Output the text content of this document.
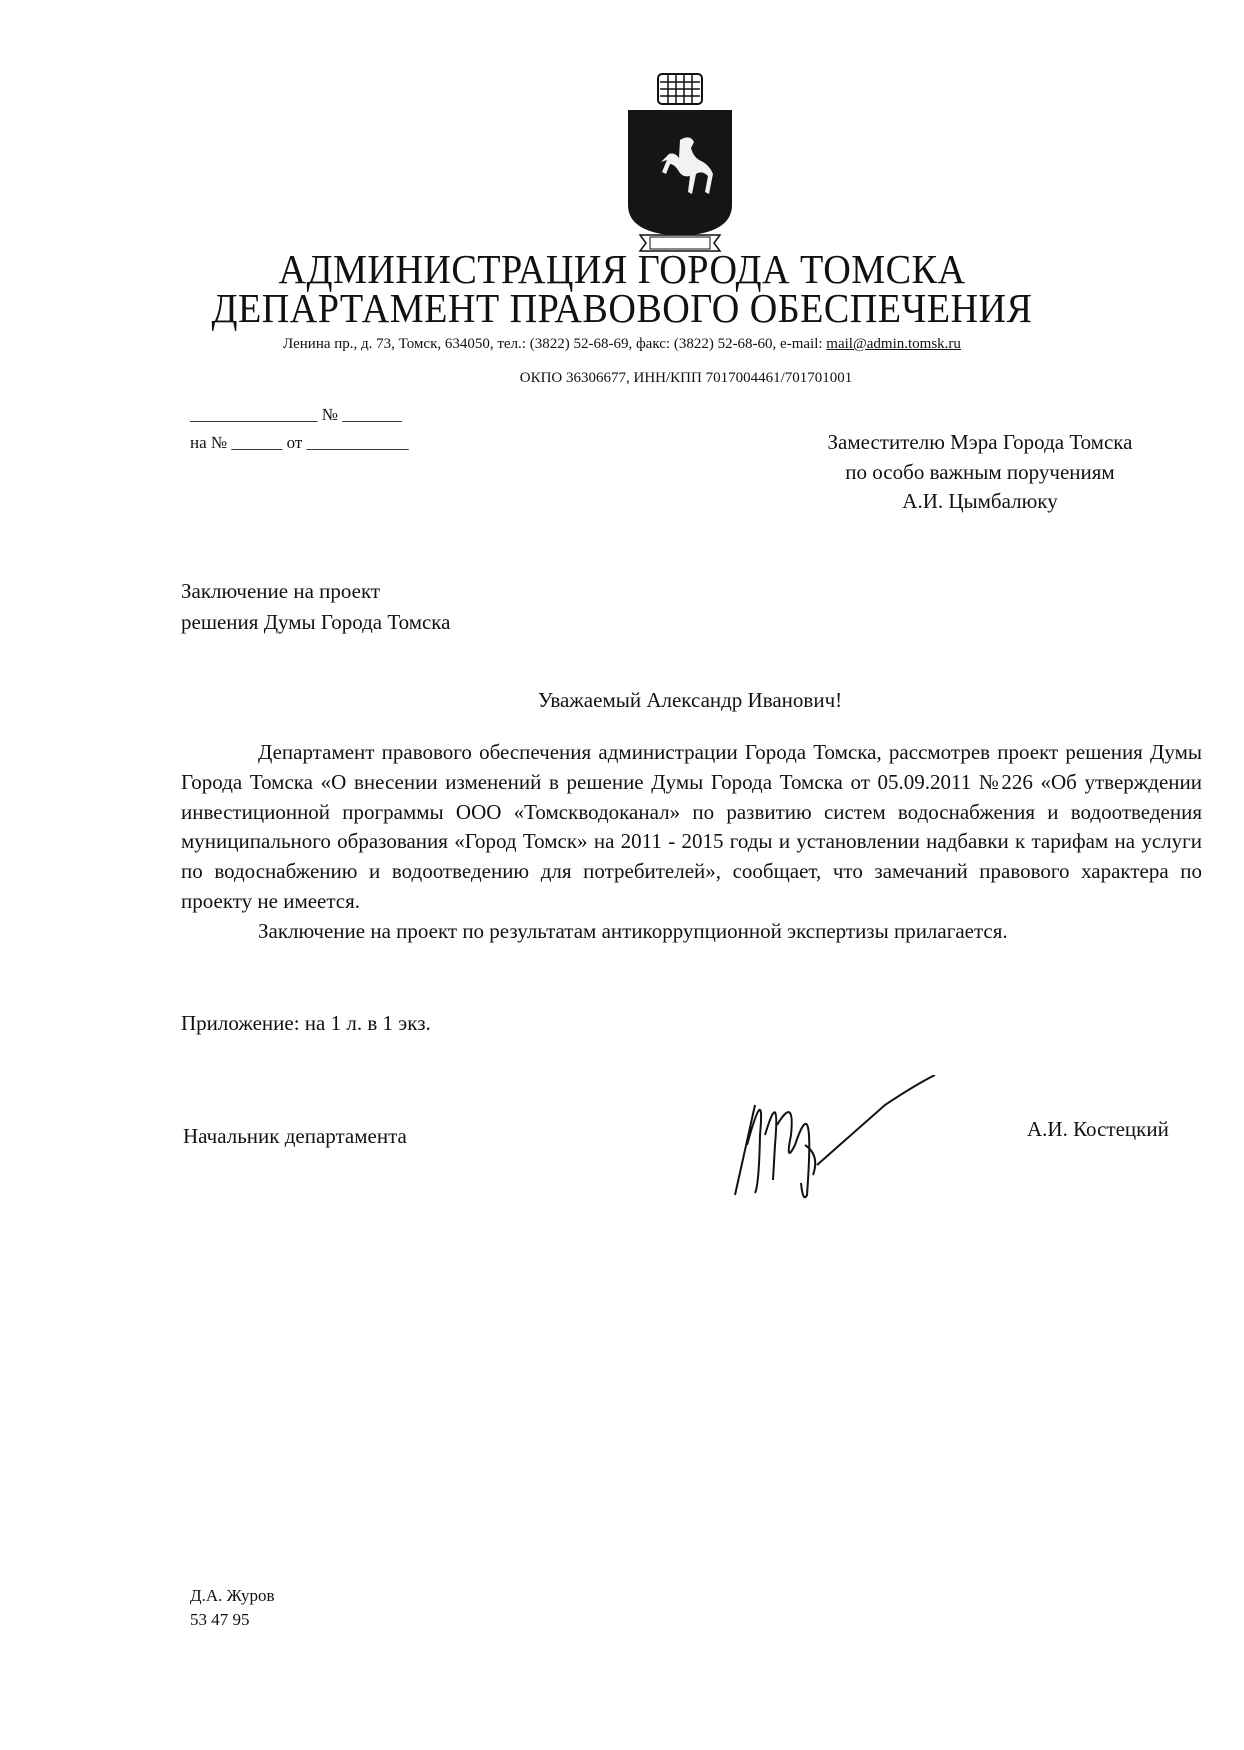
АДМИНИСТРАЦИЯ ГОРОДА ТОМСКА
ДЕПАРТАМЕНТ ПРАВОВОГО ОБЕСПЕЧЕНИЯ
Ленина пр., д. 73, Томск, 634050, тел.: (3822) 52-68-69, факс: (3822) 52-68-60, e-mail: mail@admin.tomsk.ru
ОКПО 36306677, ИНН/КПП 7017004461/701701001
_______________ № _______
на № ______ от ____________	Заместителю Мэра Города Томска
по особо важным поручениям
А.И. Цымбалюку
Заключение на проект
решения Думы Города Томска
Уважаемый Александр Иванович!

Департамент правового обеспечения администрации Города Томска, рассмотрев проект решения Думы Города Томска «О внесении изменений в решение Думы Города Томска от 05.09.2011 №226 «Об утверждении инвестиционной программы ООО «Томскводоканал» по развитию систем водоснабжения и водоотведения муниципального образования «Город Томск» на 2011 - 2015 годы и установлении надбавки к тарифам на услуги по водоснабжению и водоотведению для потребителей», сообщает, что замечаний правового характера по проекту не имеется.

Заключение на проект по результатам антикоррупционной экспертизы прилагается.

Приложение: на 1 л. в 1 экз.
Начальник департамента	А.И. Костецкий
Д.А. Журов
53 47 95
